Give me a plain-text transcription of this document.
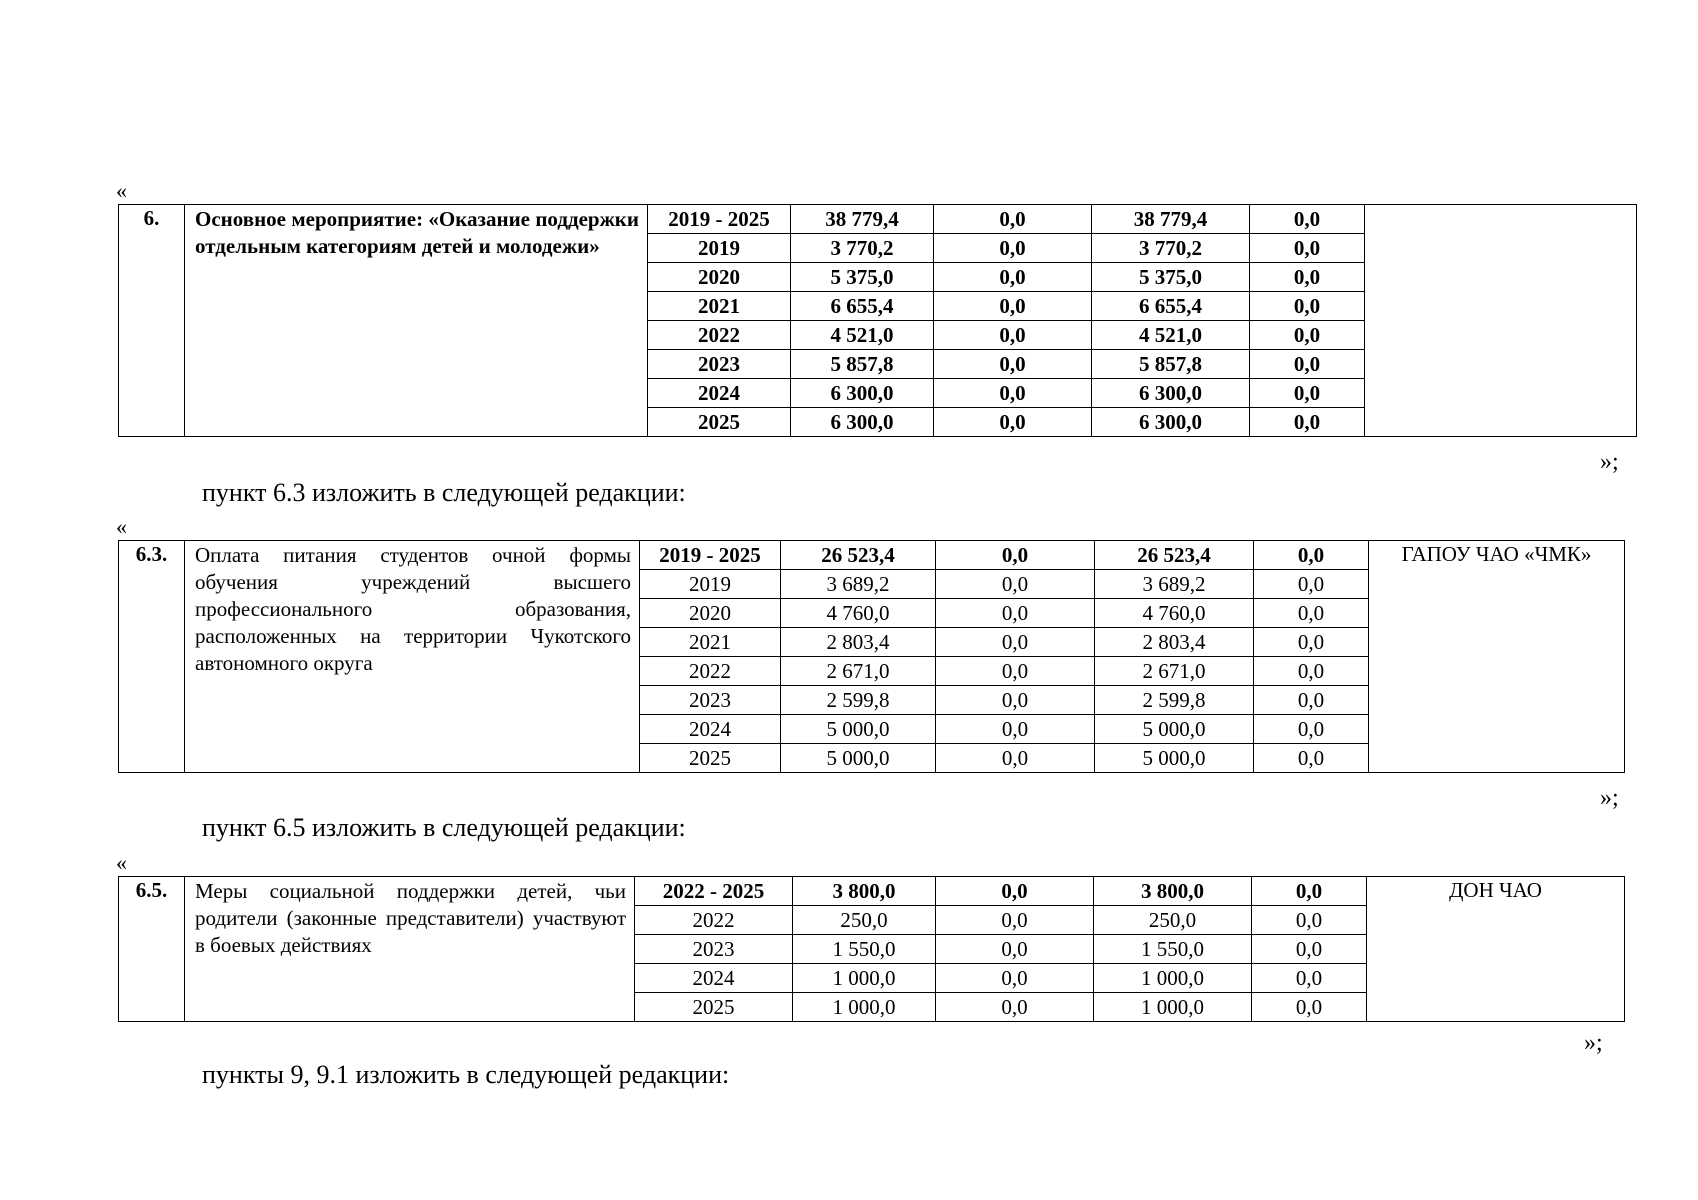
«
6.	Основное мероприятие: «Оказание поддержки отдельным категориям детей и молодежи»	2019 - 2025	38 779,4	0,0	38 779,4	0,0	
		2019	3 770,2	0,0	3 770,2	0,0	
		2020	5 375,0	0,0	5 375,0	0,0	
		2021	6 655,4	0,0	6 655,4	0,0	
		2022	4 521,0	0,0	4 521,0	0,0	
		2023	5 857,8	0,0	5 857,8	0,0	
		2024	6 300,0	0,0	6 300,0	0,0	
		2025	6 300,0	0,0	6 300,0	0,0	
»;
пункт 6.3 изложить в следующей редакции:
«
6.3.	Оплата питания студентов очной формы обучения учреждений высшего профессионального образования, расположенных на территории Чукотского автономного округа	2019 - 2025	26 523,4	0,0	26 523,4	0,0	ГАПОУ ЧАО «ЧМК»
		2019	3 689,2	0,0	3 689,2	0,0	
		2020	4 760,0	0,0	4 760,0	0,0	
		2021	2 803,4	0,0	2 803,4	0,0	
		2022	2 671,0	0,0	2 671,0	0,0	
		2023	2 599,8	0,0	2 599,8	0,0	
		2024	5 000,0	0,0	5 000,0	0,0	
		2025	5 000,0	0,0	5 000,0	0,0	
»;
пункт 6.5 изложить в следующей редакции:
«
6.5.	Меры социальной поддержки детей, чьи родители (законные представители) участвуют в боевых действиях	2022 - 2025	3 800,0	0,0	3 800,0	0,0	ДОН ЧАО
		2022	250,0	0,0	250,0	0,0	
		2023	1 550,0	0,0	1 550,0	0,0	
		2024	1 000,0	0,0	1 000,0	0,0	
		2025	1 000,0	0,0	1 000,0	0,0	
»;
пункты 9, 9.1 изложить в следующей редакции:
